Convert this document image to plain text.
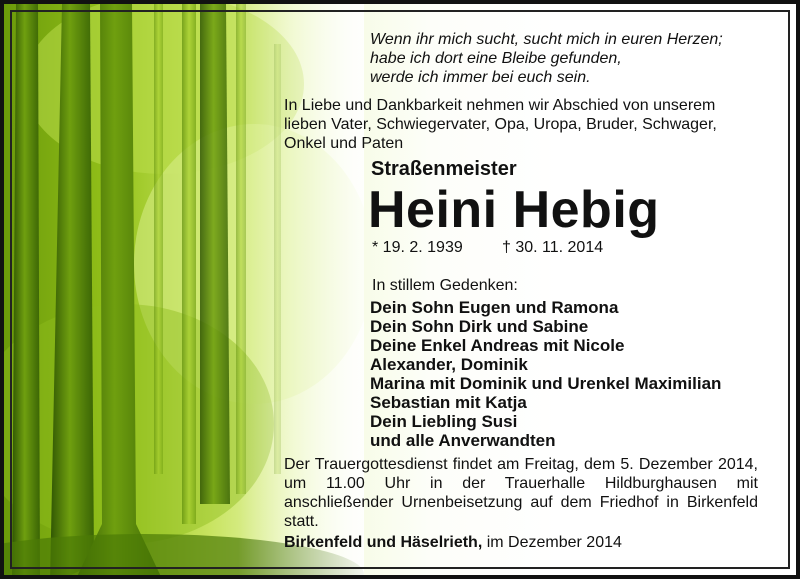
Wenn ihr mich sucht, sucht mich in euren Herzen;
habe ich dort eine Bleibe gefunden,
werde ich immer bei euch sein.
In Liebe und Dankbarkeit nehmen wir Abschied von unserem
lieben Vater, Schwiegervater, Opa, Uropa, Bruder, Schwager,
Onkel und Paten
Straßenmeister
Heini Hebig
* 19. 2. 1939 † 30. 11. 2014
In stillem Gedenken:
Dein Sohn Eugen und Ramona
Dein Sohn Dirk und Sabine
Deine Enkel Andreas mit Nicole
Alexander, Dominik
Marina mit Dominik und Urenkel Maximilian
Sebastian mit Katja
Dein Liebling Susi
und alle Anverwandten
Der Trauergottesdienst findet am Freitag, dem 5. Dezember 2014, um 11.00 Uhr in der Trauerhalle Hildburghausen mit anschließender Urnenbeisetzung auf dem Friedhof in Birkenfeld statt.
Birkenfeld und Häselrieth, im Dezember 2014
